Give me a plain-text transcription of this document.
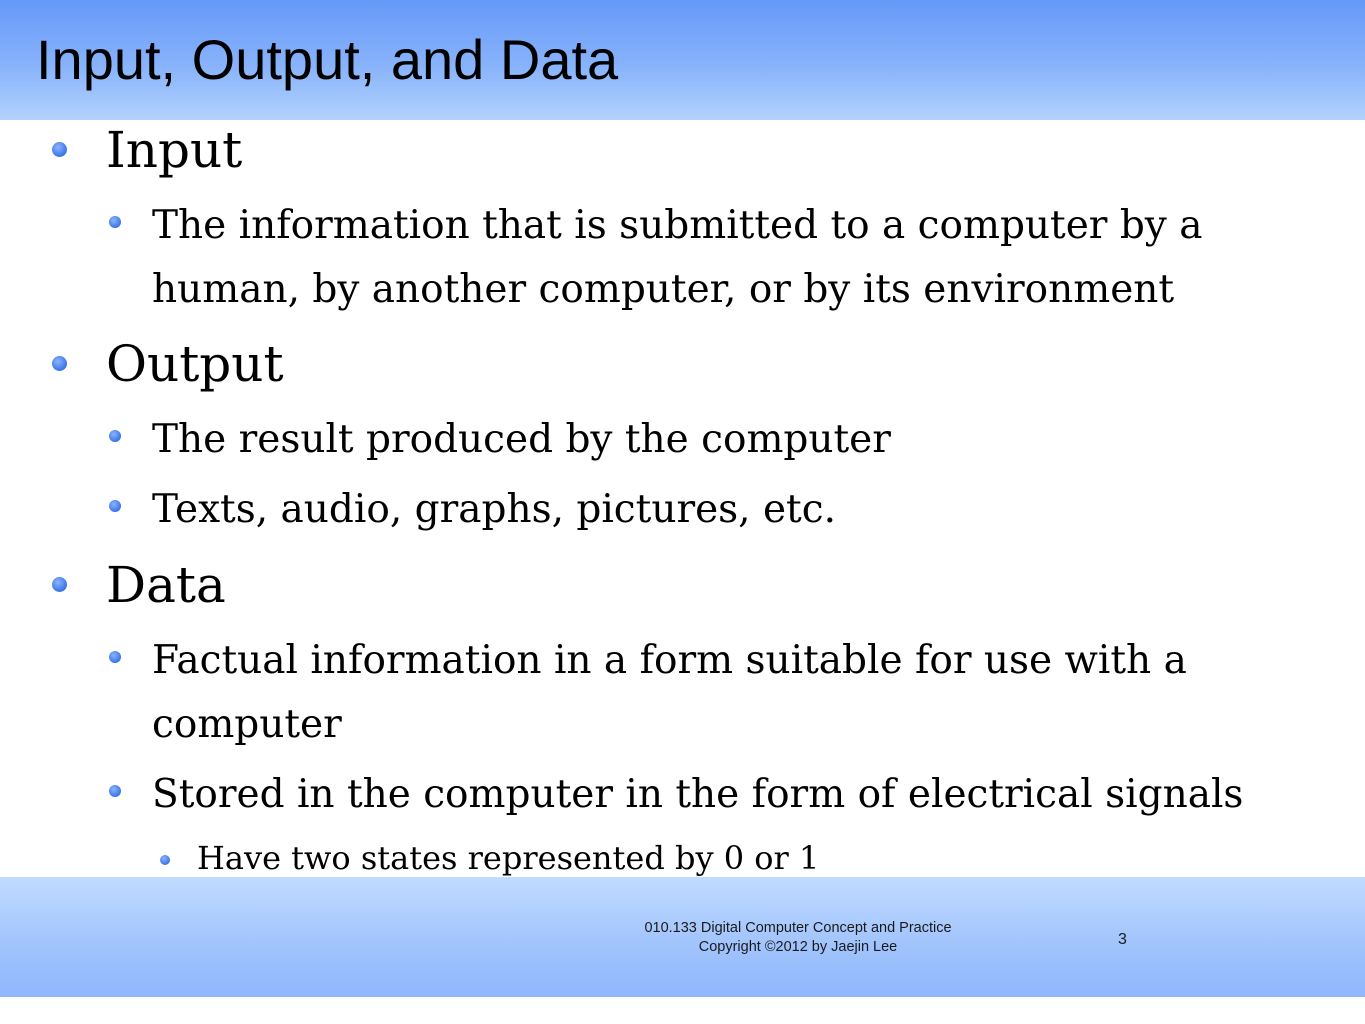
Input, Output, and Data
Input
The information that is submitted to a computer by a human, by another computer, or by its environment
Output
The result produced by the computer
Texts, audio, graphs, pictures, etc.
Data
Factual information in a form suitable for use with a computer
Stored in the computer in the form of electrical signals
Have two states represented by 0 or 1
010.133 Digital Computer Concept and Practice
Copyright ©2012 by Jaejin Lee	3
